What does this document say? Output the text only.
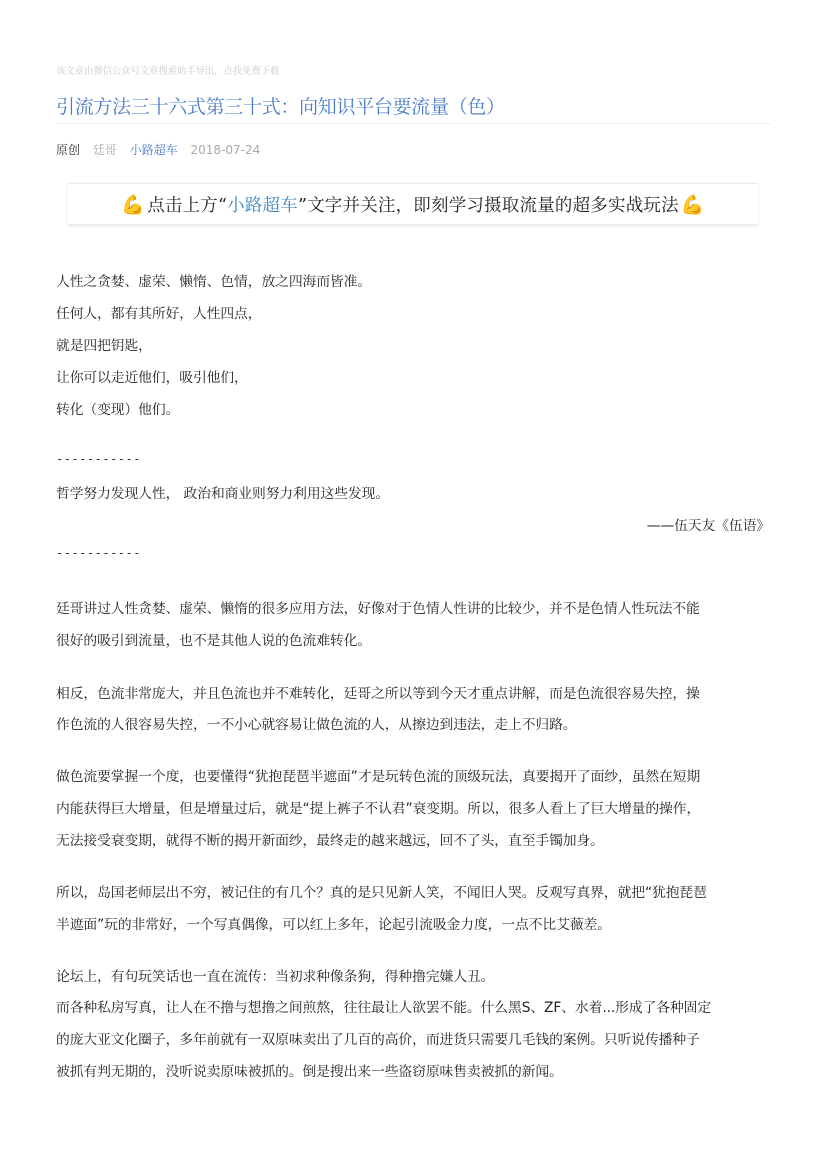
该文章由微信公众号文章搜索助手导出，点我免费下载
引流方法三十六式第三十式：向知识平台要流量（色）
原创 廷哥 小路超车 2018-07-24
💪 点击上方“ 小路超车 ”文字并关注，即刻学习摄取流量的超多实战玩法 💪
人性之贪婪、虚荣、懒惰、色情，放之四海而皆准。
任何人，都有其所好，人性四点，
就是四把钥匙，
让你可以走近他们，吸引他们，
转化（变现）他们。
-----------
哲学努力发现人性， 政治和商业则努力利用这些发现。
——伍天友《伍语》
-----------
廷哥讲过人性贪婪、虚荣、懒惰的很多应用方法，好像对于色情人性讲的比较少，并不是色情人性玩法不能
很好的吸引到流量，也不是其他人说的色流难转化。
相反，色流非常庞大，并且色流也并不难转化，廷哥之所以等到今天才重点讲解，而是色流很容易失控，操
作色流的人很容易失控，一不小心就容易让做色流的人，从擦边到违法，走上不归路。
做色流要掌握一个度，也要懂得“犹抱琵琶半遮面”才是玩转色流的顶级玩法，真要揭开了面纱，虽然在短期
内能获得巨大增量，但是增量过后，就是“提上裤子不认君”衰变期。所以，很多人看上了巨大增量的操作，
无法接受衰变期，就得不断的揭开新面纱，最终走的越来越远，回不了头，直至手镯加身。
所以，岛国老师层出不穷，被记住的有几个？真的是只见新人笑，不闻旧人哭。反观写真界，就把“犹抱琵琶
半遮面”玩的非常好，一个写真偶像，可以红上多年，论起引流吸金力度，一点不比艾薇差。
论坛上，有句玩笑话也一直在流传：当初求种像条狗，得种撸完嫌人丑。
而各种私房写真，让人在不撸与想撸之间煎熬，往往最让人欲罢不能。什么黑S、ZF、水着...形成了各种固定
的庞大亚文化圈子，多年前就有一双原味卖出了几百的高价，而进货只需要几毛钱的案例。只听说传播种子
被抓有判无期的，没听说卖原味被抓的。倒是搜出来一些盗窃原味售卖被抓的新闻。
